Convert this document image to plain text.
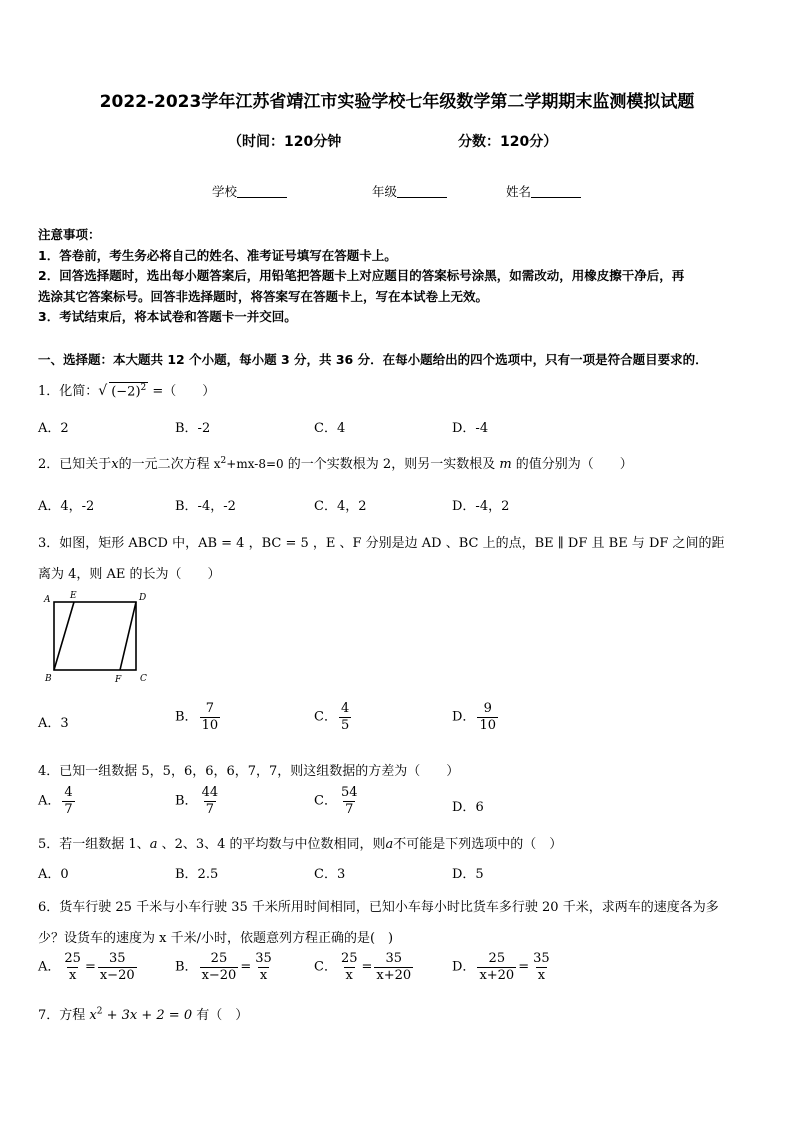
2022-2023学年江苏省靖江市实验学校七年级数学第二学期期末监测模拟试题
（时间：120分钟	分数：120分）
学校	年级	姓名
注意事项：
1．答卷前，考生务必将自己的姓名、准考证号填写在答题卡上。
2．回答选择题时，选出每小题答案后，用铅笔把答题卡上对应题目的答案标号涂黑，如需改动，用橡皮擦干净后，再
选涂其它答案标号。回答非选择题时，将答案写在答题卡上，写在本试卷上无效。
3．考试结束后，将本试卷和答题卡一并交回。
一、选择题：本大题共 12 个小题，每小题 3 分，共 36 分．在每小题给出的四个选项中，只有一项是符合题目要求的．
1．化简：√ $(-2)^2$ =（　　）
A．2	B．-2	C．4	D．-4
2．已知关于x的一元二次方程 $x^2+mx-8=0$ 的一个实数根为 2，则另一实数根及 m 的值分别为（　　）
A．4，-2	B．-4，-2	C．4，2	D．-4，2
3．如图，矩形 ABCD 中，AB = 4 ，BC = 5 ，E 、F 分别是边 AD 、BC 上的点，BE ∥ DF 且 BE 与 DF 之间的距
离为 4，则 AE 的长为（　　）
A E	D
B	F C
A．3	B． $\frac{7}{10}$	C． $\frac{4}{5}$	D． $\frac{9}{10}$
4．已知一组数据 5，5，6，6，6，7，7，则这组数据的方差为（　　）
A． $\frac{4}{7}$	B． $\frac{44}{7}$	C． $\frac{54}{7}$	D．6
5．若一组数据 1、a 、2、3、4 的平均数与中位数相同，则a不可能是下列选项中的（　）
A．0	B．2.5	C．3	D．5
6．货车行驶 25 千米与小车行驶 35 千米所用时间相同，已知小车每小时比货车多行驶 20 千米，求两车的速度各为多
少？设货车的速度为 x 千米/小时，依题意列方程正确的是(　)
A． $\frac{25}{x} = \frac{35}{x-20}$	B． $\frac{25}{x-20} = \frac{35}{x}$	C． $\frac{25}{x} = \frac{35}{x+20}$	D． $\frac{25}{x+20} = \frac{35}{x}$
7．方程 $x^2 + 3x + 2 = 0$ 有（　）
